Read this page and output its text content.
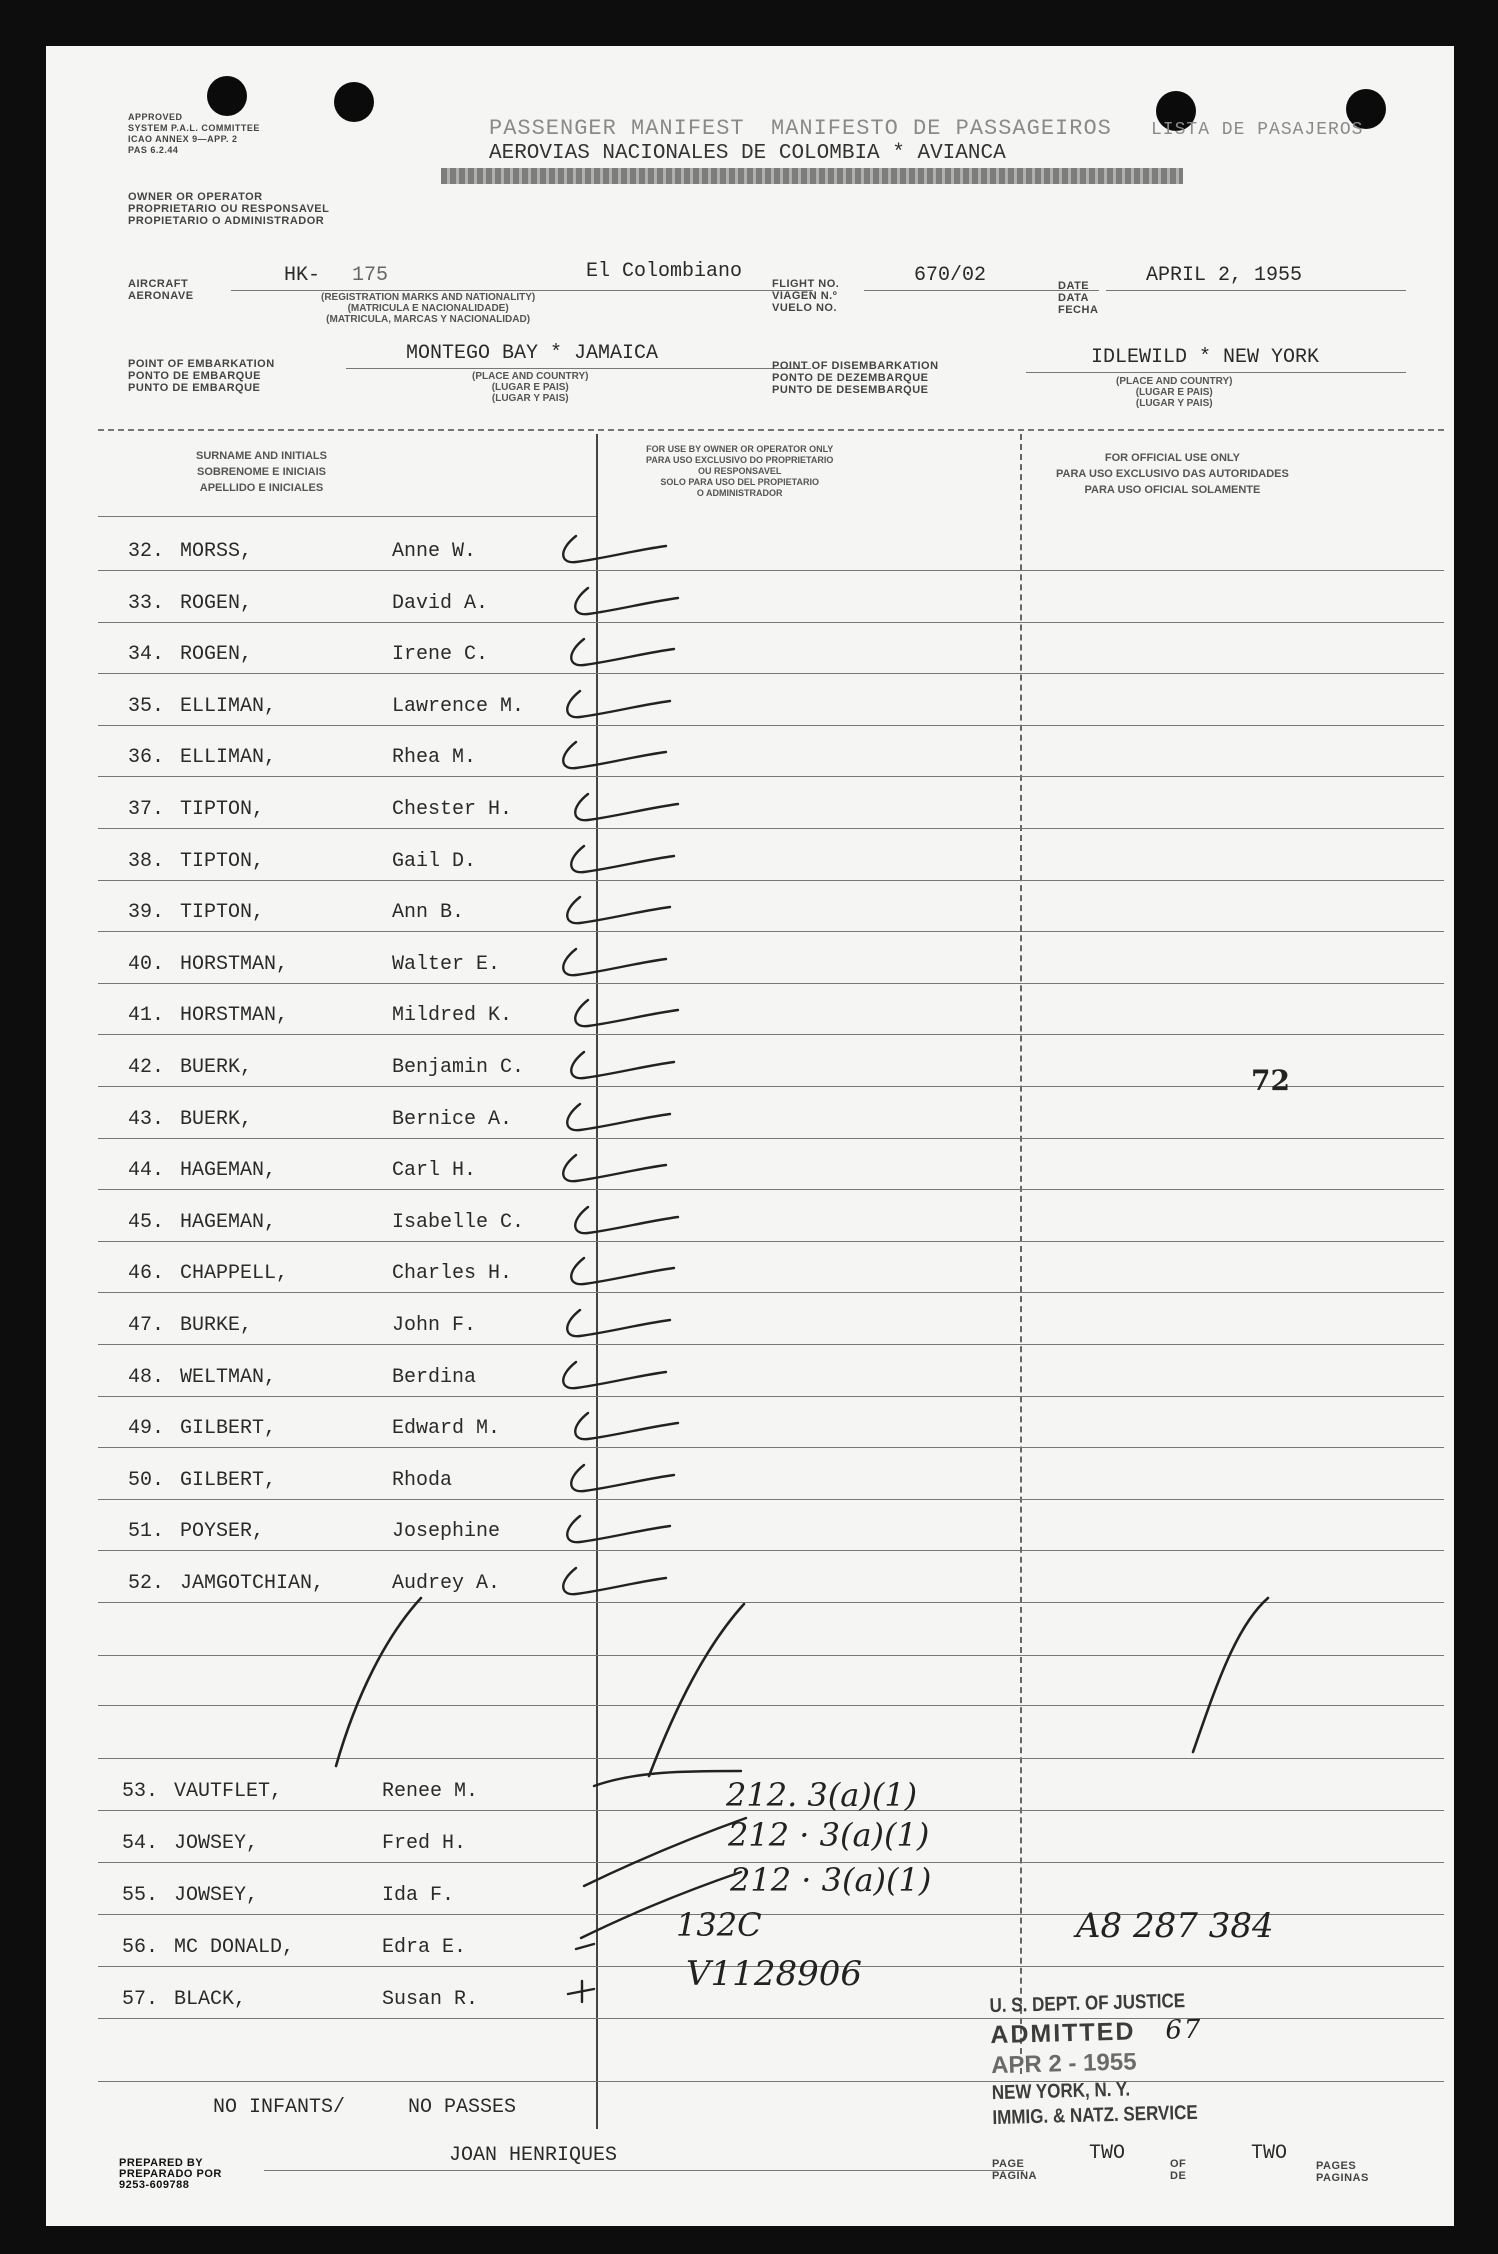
APPROVED
SYSTEM P.A.L. COMMITTEE
ICAO ANNEX 9—APP. 2
PAS 6.2.44
PASSENGER MANIFEST MANIFESTO DE PASSAGEIROS LISTA DE PASAJEROS
AEROVIAS NACIONALES DE COLOMBIA * AVIANCA
OWNER OR OPERATOR
PROPRIETARIO OU RESPONSAVEL
PROPIETARIO O ADMINISTRADOR
AIRCRAFT
AERONAVE
HK- 175	El Colombiano
(REGISTRATION MARKS AND NATIONALITY)
(MATRICULA E NACIONALIDADE)
(MATRICULA, MARCAS Y NACIONALIDAD)
FLIGHT NO.
VIAGEN N.º
VUELO NO.
670/02	DATE
DATA
FECHA
APRIL 2, 1955
POINT OF EMBARKATION
PONTO DE EMBARQUE
PUNTO DE EMBARQUE
MONTEGO BAY * JAMAICA
(PLACE AND COUNTRY)
(LUGAR E PAIS)
(LUGAR Y PAIS)
POINT OF DISEMBARKATION
PONTO DE DEZEMBARQUE
PUNTO DE DESEMBARQUE
IDLEWILD * NEW YORK
(PLACE AND COUNTRY)
(LUGAR E PAIS)
(LUGAR Y PAIS)
SURNAME AND INITIALS
SOBRENOME E INICIAIS
APELLIDO E INICIALES
FOR USE BY OWNER OR OPERATOR ONLY
PARA USO EXCLUSIVO DO PROPRIETARIO
OU RESPONSAVEL
SOLO PARA USO DEL PROPIETARIO
O ADMINISTRADOR
FOR OFFICIAL USE ONLY
PARA USO EXCLUSIVO DAS AUTORIDADES
PARA USO OFICIAL SOLAMENTE
32. MORSS,	Anne W.
33. ROGEN,	David A.
34. ROGEN,	Irene C.
35. ELLIMAN,	Lawrence M.
36. ELLIMAN,	Rhea M.
37. TIPTON,	Chester H.
38. TIPTON,	Gail D.
39. TIPTON,	Ann B.
40. HORSTMAN,	Walter E.
41. HORSTMAN,	Mildred K.
42. BUERK,	Benjamin C.
43. BUERK,	Bernice A.
44. HAGEMAN,	Carl H.
45. HAGEMAN,	Isabelle C.
46. CHAPPELL,	Charles H.
47. BURKE,	John F.
48. WELTMAN,	Berdina
49. GILBERT,	Edward M.
50. GILBERT,	Rhoda
51. POYSER,	Josephine
52. JAMGOTCHIAN,	Audrey A.
53. VAUTFLET,	Renee M.
54. JOWSEY,	Fred H.
55. JOWSEY,	Ida F.
56. MC DONALD,	Edra E.
57. BLACK,	Susan R.
212. 3(a)(1)
212 · 3(a)(1)
212 · 3(a)(1)
132C
V1128906
A8 287 384
72
U. S. DEPT. OF JUSTICE
ADMITTED 67
APR 2 - 1955
NEW YORK, N. Y.
IMMIG. & NATZ. SERVICE
NO INFANTS/	NO PASSES
PREPARED BY
PREPARADO POR
9253-609788
JOAN HENRIQUES	PAGE
PAGINA
TWO	OF
DE
TWO
PAGES
PAGINAS
